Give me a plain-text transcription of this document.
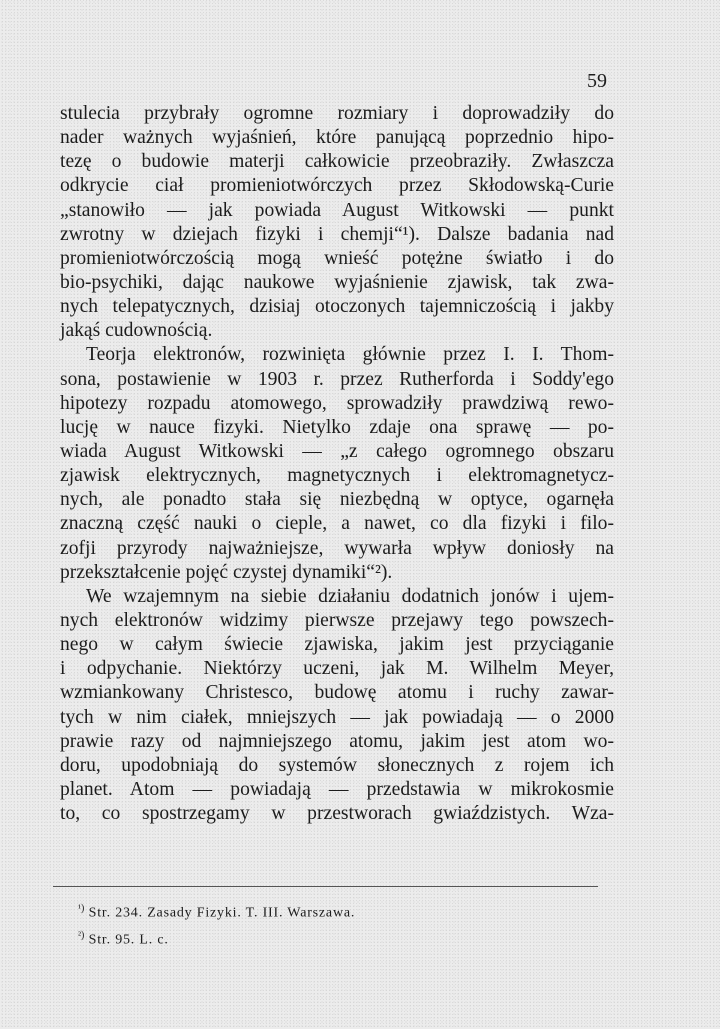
59
stulecia przybrały ogromne rozmiary i doprowadziły do
nader ważnych wyjaśnień, które panującą poprzednio hipo-
tezę o budowie materji całkowicie przeobraziły. Zwłaszcza
odkrycie ciał promieniotwórczych przez Skłodowską-Curie
„stanowiło — jak powiada August Witkowski — punkt
zwrotny w dziejach fizyki i chemji“¹). Dalsze badania nad
promieniotwórczością mogą wnieść potężne światło i do
bio-psychiki, dając naukowe wyjaśnienie zjawisk, tak zwa-
nych telepatycznych, dzisiaj otoczonych tajemniczością i jakby
jakąś cudownością.
Teorja elektronów, rozwinięta głównie przez I. I. Thom-
sona, postawienie w 1903 r. przez Rutherforda i Soddy'ego
hipotezy rozpadu atomowego, sprowadziły prawdziwą rewo-
lucję w nauce fizyki. Nietylko zdaje ona sprawę — po-
wiada August Witkowski — „z całego ogromnego obszaru
zjawisk elektrycznych, magnetycznych i elektromagnetycz-
nych, ale ponadto stała się niezbędną w optyce, ogarnęła
znaczną część nauki o cieple, a nawet, co dla fizyki i filo-
zofji przyrody najważniejsze, wywarła wpływ doniosły na
przekształcenie pojęć czystej dynamiki“²).
We wzajemnym na siebie działaniu dodatnich jonów i ujem-
nych elektronów widzimy pierwsze przejawy tego powszech-
nego w całym świecie zjawiska, jakim jest przyciąganie
i odpychanie. Niektórzy uczeni, jak M. Wilhelm Meyer,
wzmiankowany Christesco, budowę atomu i ruchy zawar-
tych w nim ciałek, mniejszych — jak powiadają — o 2000
prawie razy od najmniejszego atomu, jakim jest atom wo-
doru, upodobniają do systemów słonecznych z rojem ich
planet. Atom — powiadają — przedstawia w mikrokosmie
to, co spostrzegamy w przestworach gwiaździstych. Wza-
$^{^1)}$ Str. 234. Zasady Fizyki. T. III. Warszawa.
$^{^2)}$ Str. 95. L. c.
